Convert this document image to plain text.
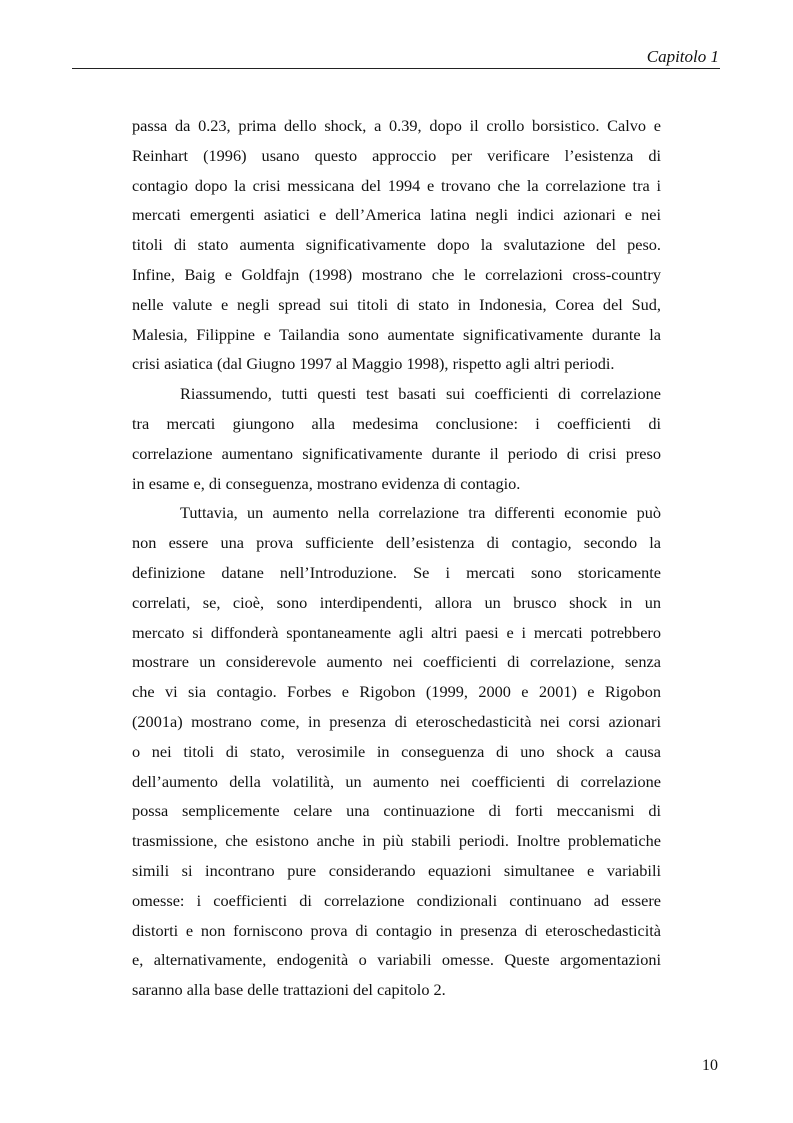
Capitolo 1
passa da 0.23, prima dello shock, a 0.39, dopo il crollo borsistico. Calvo e
Reinhart (1996) usano questo approccio per verificare l’esistenza di
contagio dopo la crisi messicana del 1994 e trovano che la correlazione tra i
mercati emergenti asiatici e dell’America latina negli indici azionari e nei
titoli di stato aumenta significativamente dopo la svalutazione del peso.
Infine, Baig e Goldfajn (1998) mostrano che le correlazioni cross-country
nelle valute e negli spread sui titoli di stato in Indonesia, Corea del Sud,
Malesia, Filippine e Tailandia sono aumentate significativamente durante la
crisi asiatica (dal Giugno 1997 al Maggio 1998), rispetto agli altri periodi.
Riassumendo, tutti questi test basati sui coefficienti di correlazione
tra mercati giungono alla medesima conclusione: i coefficienti di
correlazione aumentano significativamente durante il periodo di crisi preso
in esame e, di conseguenza, mostrano evidenza di contagio.
Tuttavia, un aumento nella correlazione tra differenti economie può
non essere una prova sufficiente dell’esistenza di contagio, secondo la
definizione datane nell’Introduzione. Se i mercati sono storicamente
correlati, se, cioè, sono interdipendenti, allora un brusco shock in un
mercato si diffonderà spontaneamente agli altri paesi e i mercati potrebbero
mostrare un considerevole aumento nei coefficienti di correlazione, senza
che vi sia contagio. Forbes e Rigobon (1999, 2000 e 2001) e Rigobon
(2001a) mostrano come, in presenza di eteroschedasticità nei corsi azionari
o nei titoli di stato, verosimile in conseguenza di uno shock a causa
dell’aumento della volatilità, un aumento nei coefficienti di correlazione
possa semplicemente celare una continuazione di forti meccanismi di
trasmissione, che esistono anche in più stabili periodi. Inoltre problematiche
simili si incontrano pure considerando equazioni simultanee e variabili
omesse: i coefficienti di correlazione condizionali continuano ad essere
distorti e non forniscono prova di contagio in presenza di eteroschedasticità
e, alternativamente, endogenità o variabili omesse. Queste argomentazioni
saranno alla base delle trattazioni del capitolo 2.
10
